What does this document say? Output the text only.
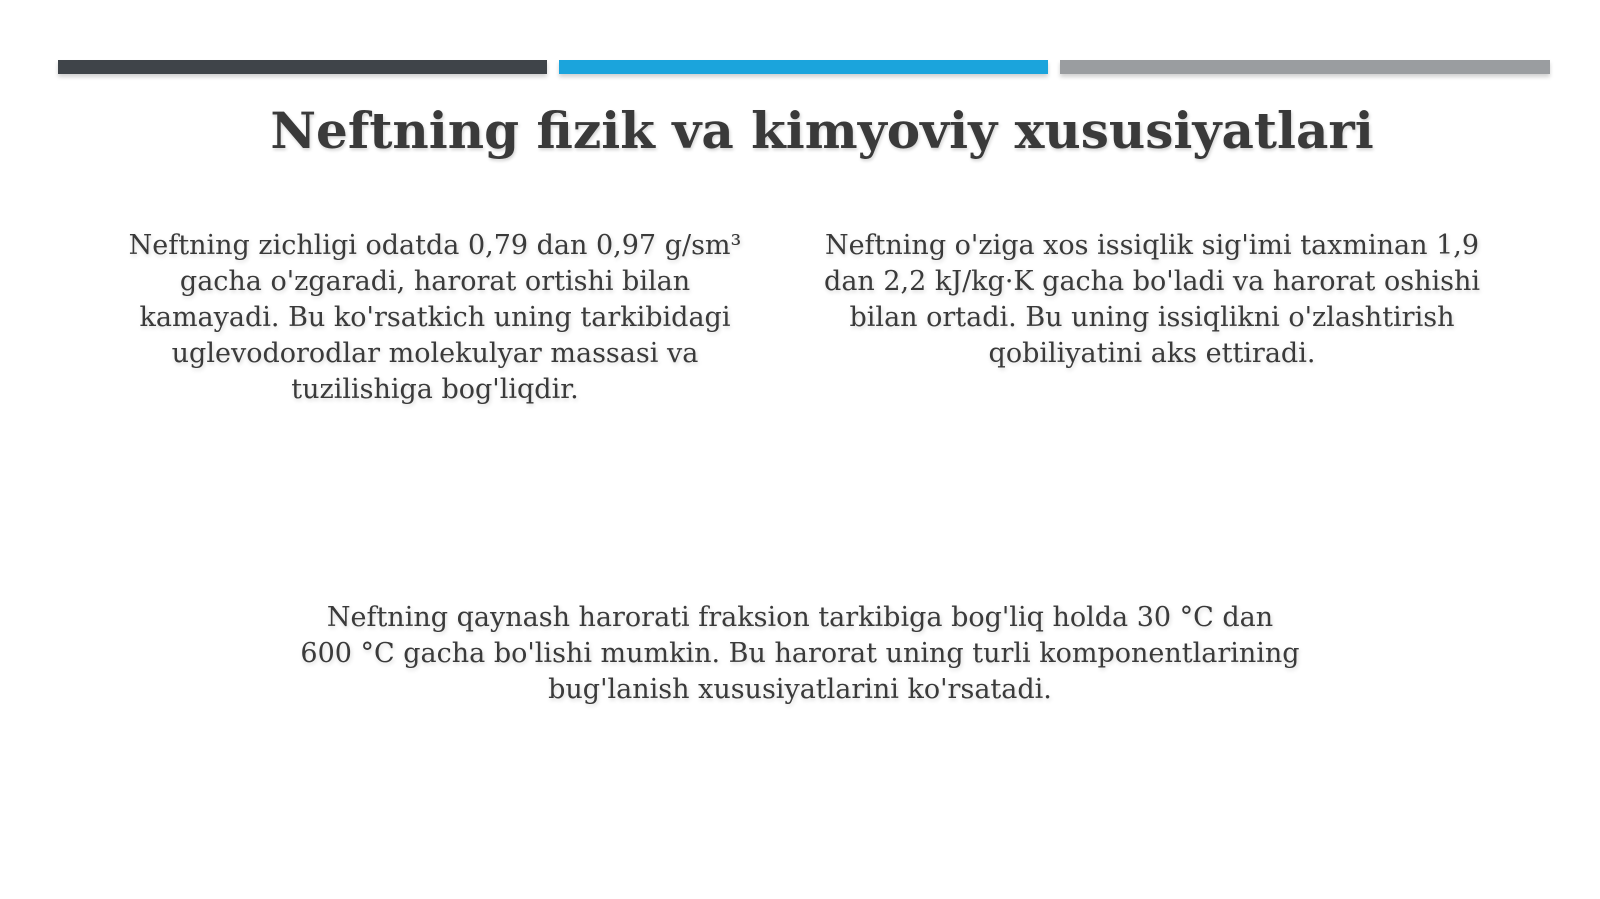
Neftning fizik va kimyoviy xususiyatlari
Neftning zichligi odatda 0,79 dan 0,97 g/sm³ gacha o'zgaradi, harorat ortishi bilan kamayadi. Bu ko'rsatkich uning tarkibidagi uglevodorodlar molekulyar massasi va tuzilishiga bog'liqdir.
Neftning o'ziga xos issiqlik sig'imi taxminan 1,9 dan 2,2 kJ/kg·K gacha bo'ladi va harorat oshishi bilan ortadi. Bu uning issiqlikni o'zlashtirish qobiliyatini aks ettiradi.
Neftning qaynash harorati fraksion tarkibiga bog'liq holda 30 °C dan 600 °C gacha bo'lishi mumkin. Bu harorat uning turli komponentlarining bug'lanish xususiyatlarini ko'rsatadi.
